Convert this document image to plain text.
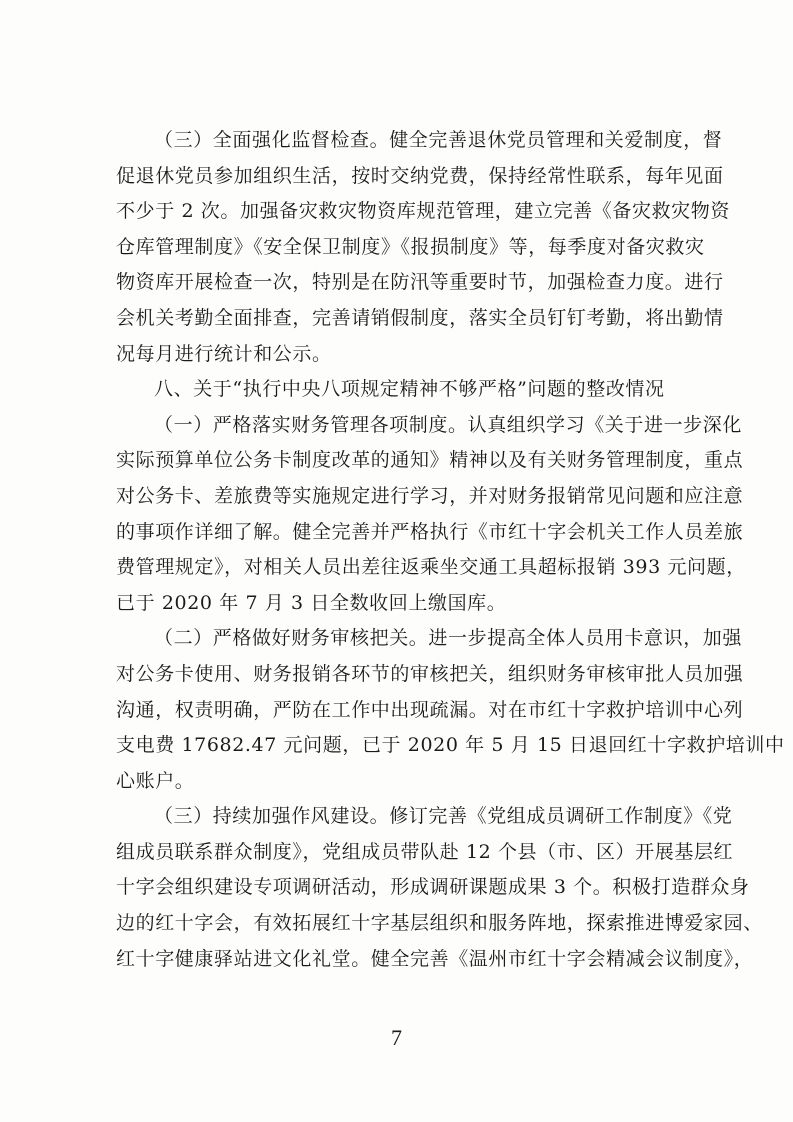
（三）全面强化监督检查。健全完善退休党员管理和关爱制度，督
促退休党员参加组织生活，按时交纳党费，保持经常性联系，每年见面
不少于 2 次。加强备灾救灾物资库规范管理，建立完善《备灾救灾物资
仓库管理制度》《安全保卫制度》《报损制度》等，每季度对备灾救灾
物资库开展检查一次，特别是在防汛等重要时节，加强检查力度。进行
会机关考勤全面排查，完善请销假制度，落实全员钉钉考勤，将出勤情
况每月进行统计和公示。
八、关于“执行中央八项规定精神不够严格”问题的整改情况
（一）严格落实财务管理各项制度。认真组织学习《关于进一步深化
实际预算单位公务卡制度改革的通知》精神以及有关财务管理制度，重点
对公务卡、差旅费等实施规定进行学习，并对财务报销常见问题和应注意
的事项作详细了解。健全完善并严格执行《市红十字会机关工作人员差旅
费管理规定》，对相关人员出差往返乘坐交通工具超标报销 393 元问题，
已于 2020 年 7 月 3 日全数收回上缴国库。
（二）严格做好财务审核把关。进一步提高全体人员用卡意识，加强
对公务卡使用、财务报销各环节的审核把关，组织财务审核审批人员加强
沟通，权责明确，严防在工作中出现疏漏。对在市红十字救护培训中心列
支电费 17682.47 元问题，已于 2020 年 5 月 15 日退回红十字救护培训中
心账户。
（三）持续加强作风建设。修订完善《党组成员调研工作制度》《党
组成员联系群众制度》，党组成员带队赴 12 个县（市、区）开展基层红
十字会组织建设专项调研活动，形成调研课题成果 3 个。积极打造群众身
边的红十字会，有效拓展红十字基层组织和服务阵地，探索推进博爱家园、
红十字健康驿站进文化礼堂。健全完善《温州市红十字会精减会议制度》，
7
